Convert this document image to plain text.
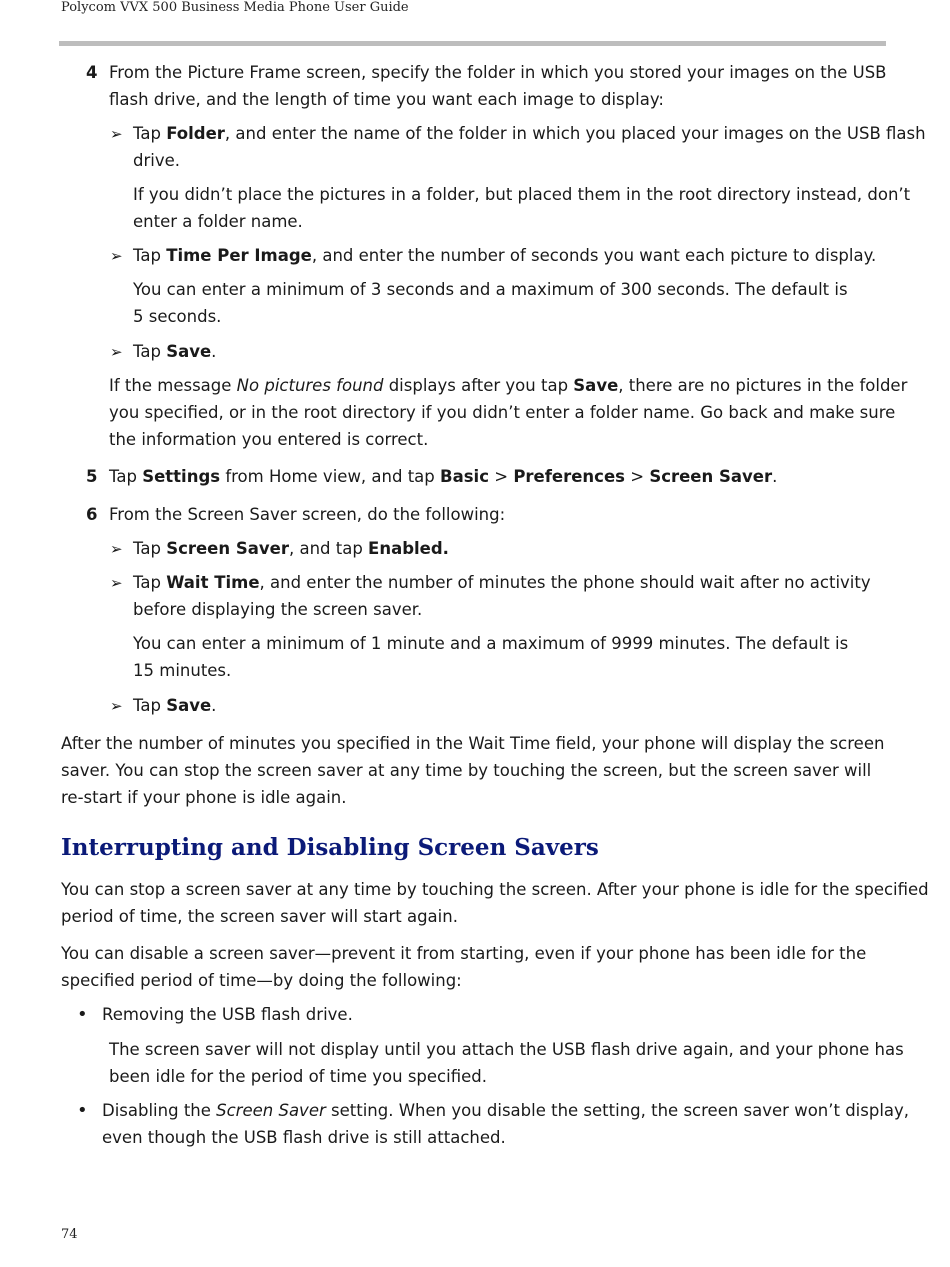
Polycom VVX 500 Business Media Phone User Guide
4 From the Picture Frame screen, specify the folder in which you stored your images on the USB
flash drive, and the length of time you want each image to display:
➢ Tap Folder, and enter the name of the folder in which you placed your images on the USB flash
drive.
If you didn’t place the pictures in a folder, but placed them in the root directory instead, don’t
enter a folder name.
➢ Tap Time Per Image, and enter the number of seconds you want each picture to display.
You can enter a minimum of 3 seconds and a maximum of 300 seconds. The default is
5 seconds.
➢ Tap Save.
If the message No pictures found displays after you tap Save, there are no pictures in the folder
you specified, or in the root directory if you didn’t enter a folder name. Go back and make sure
the information you entered is correct.
5 Tap Settings from Home view, and tap Basic > Preferences > Screen Saver.
6 From the Screen Saver screen, do the following:
➢ Tap Screen Saver, and tap Enabled.
➢ Tap Wait Time, and enter the number of minutes the phone should wait after no activity
before displaying the screen saver.
You can enter a minimum of 1 minute and a maximum of 9999 minutes. The default is
15 minutes.
➢ Tap Save.
After the number of minutes you specified in the Wait Time field, your phone will display the screen
saver. You can stop the screen saver at any time by touching the screen, but the screen saver will
re-start if your phone is idle again.
Interrupting and Disabling Screen Savers
You can stop a screen saver at any time by touching the screen. After your phone is idle for the specified
period of time, the screen saver will start again.
You can disable a screen saver—prevent it from starting, even if your phone has been idle for the
specified period of time—by doing the following:
• Removing the USB flash drive.
The screen saver will not display until you attach the USB flash drive again, and your phone has
been idle for the period of time you specified.
• Disabling the Screen Saver setting. When you disable the setting, the screen saver won’t display,
even though the USB flash drive is still attached.
74
